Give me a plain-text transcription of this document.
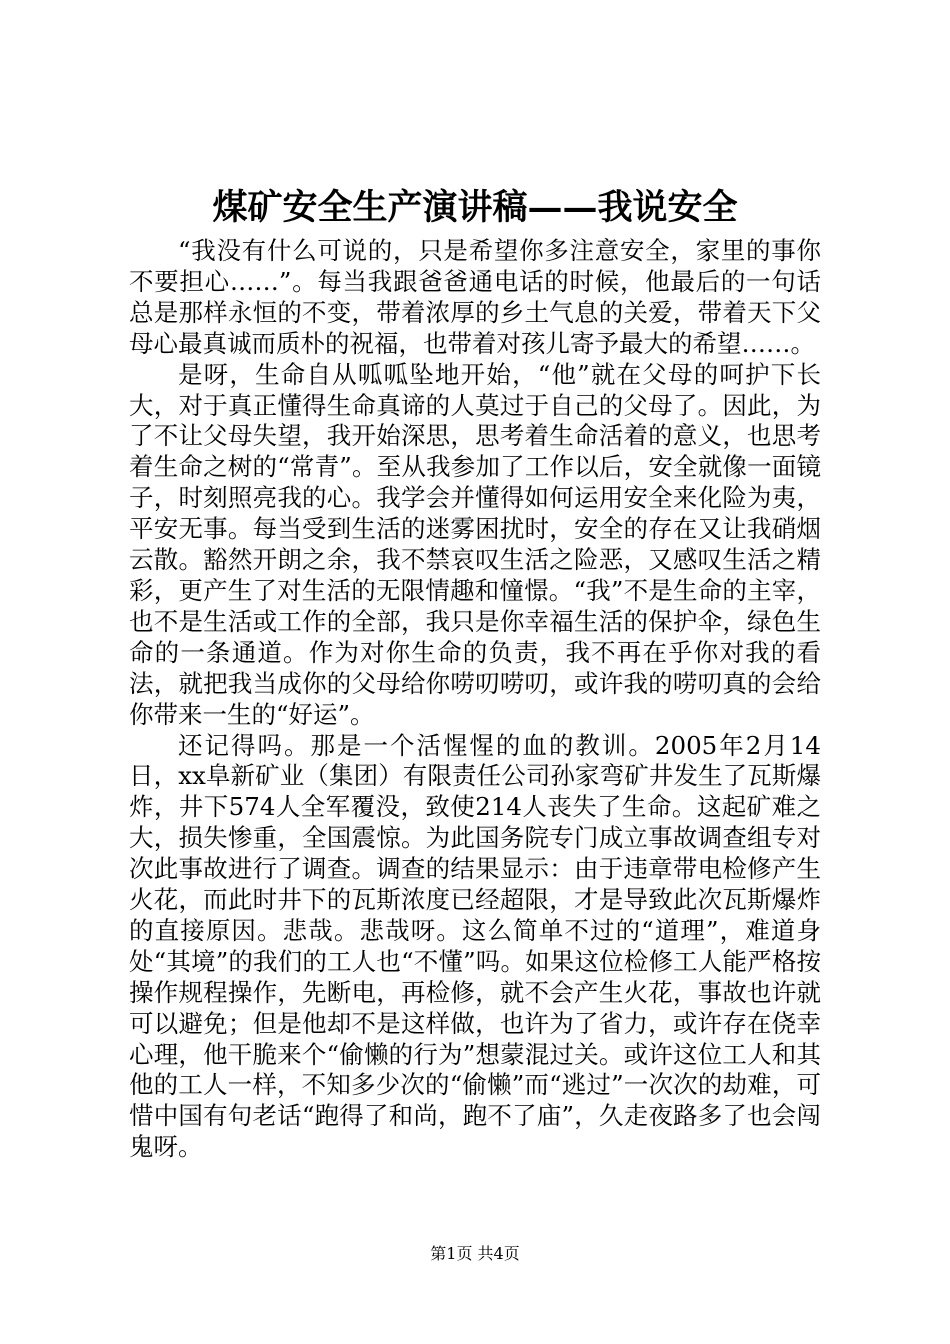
煤矿安全生产演讲稿——我说安全

“我没有什么可说的，只是希望你多注意安全，家里的事你不要担心……”。每当我跟爸爸通电话的时候，他最后的一句话总是那样永恒的不变，带着浓厚的乡土气息的关爱，带着天下父母心最真诚而质朴的祝福，也带着对孩儿寄予最大的希望……。

是呀，生命自从呱呱坠地开始，“他”就在父母的呵护下长大，对于真正懂得生命真谛的人莫过于自己的父母了。因此，为了不让父母失望，我开始深思，思考着生命活着的意义，也思考着生命之树的“常青”。至从我参加了工作以后，安全就像一面镜子，时刻照亮我的心。我学会并懂得如何运用安全来化险为夷，平安无事。每当受到生活的迷雾困扰时，安全的存在又让我硝烟云散。豁然开朗之余，我不禁哀叹生活之险恶，又感叹生活之精彩，更产生了对生活的无限情趣和憧憬。“我”不是生命的主宰，也不是生活或工作的全部，我只是你幸福生活的保护伞，绿色生命的一条通道。作为对你生命的负责，我不再在乎你对我的看法，就把我当成你的父母给你唠叨唠叨，或许我的唠叨真的会给你带来一生的“好运”。

还记得吗。那是一个活惺惺的血的教训。2005年2月14日，xx阜新矿业（集团）有限责任公司孙家弯矿井发生了瓦斯爆炸，井下574人全军覆没，致使214人丧失了生命。这起矿难之大，损失惨重，全国震惊。为此国务院专门成立事故调查组专对次此事故进行了调查。调查的结果显示：由于违章带电检修产生火花，而此时井下的瓦斯浓度已经超限，才是导致此次瓦斯爆炸的直接原因。悲哉。悲哉呀。这么简单不过的“道理”，难道身处“其境”的我们的工人也“不懂”吗。如果这位检修工人能严格按操作规程操作，先断电，再检修，就不会产生火花，事故也许就可以避免；但是他却不是这样做，也许为了省力，或许存在侥幸心理，他干脆来个“偷懒的行为”想蒙混过关。或许这位工人和其他的工人一样，不知多少次的“偷懒”而“逃过”一次次的劫难，可惜中国有句老话“跑得了和尚，跑不了庙”，久走夜路多了也会闯鬼呀。

第1页 共4页
